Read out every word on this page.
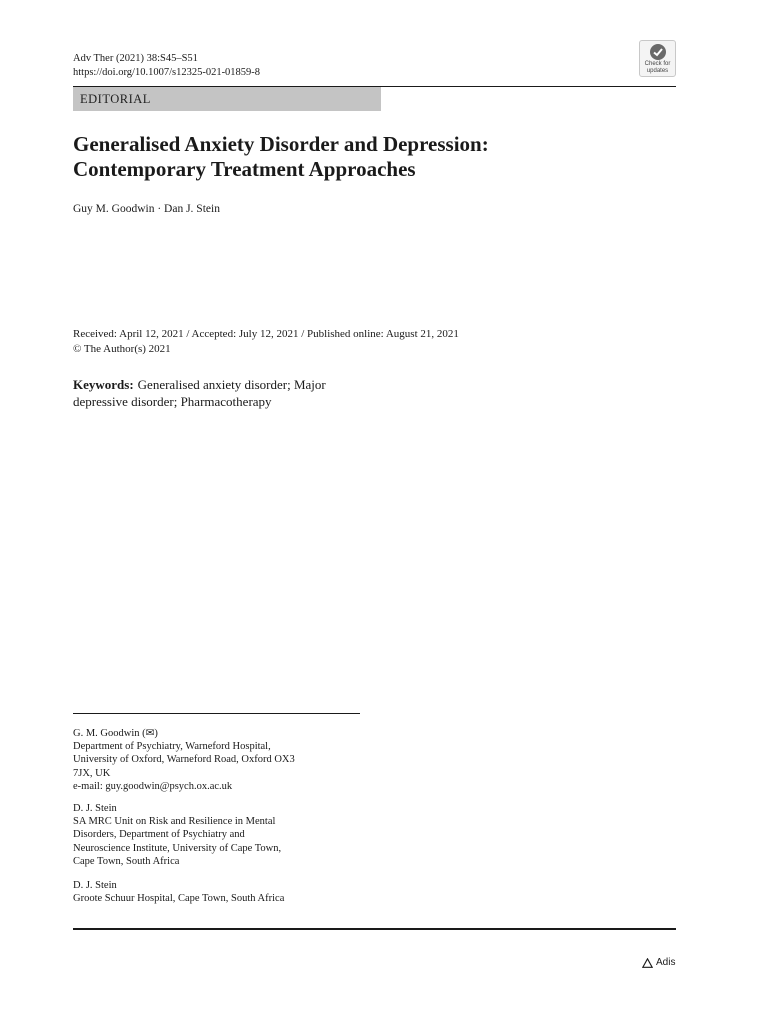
Adv Ther (2021) 38:S45–S51
https://doi.org/10.1007/s12325-021-01859-8
Check for
updates
EDITORIAL
Generalised Anxiety Disorder and Depression:
Contemporary Treatment Approaches
Guy M. Goodwin · Dan J. Stein
Received: April 12, 2021 / Accepted: July 12, 2021 / Published online: August 21, 2021
© The Author(s) 2021
Keywords: Generalised anxiety disorder; Major
depressive disorder; Pharmacotherapy
G. M. Goodwin (✉)
Department of Psychiatry, Warneford Hospital,
University of Oxford, Warneford Road, Oxford OX3
7JX, UK
e-mail: guy.goodwin@psych.ox.ac.uk
D. J. Stein
SA MRC Unit on Risk and Resilience in Mental
Disorders, Department of Psychiatry and
Neuroscience Institute, University of Cape Town,
Cape Town, South Africa
D. J. Stein
Groote Schuur Hospital, Cape Town, South Africa
Adis
